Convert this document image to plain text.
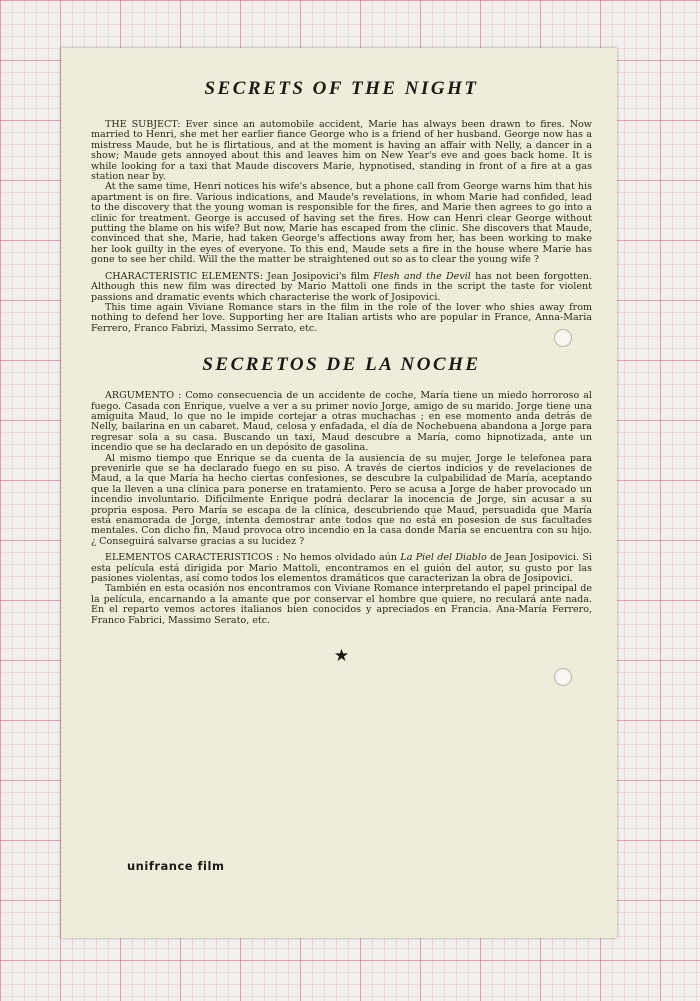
SECRETS OF THE NIGHT

THE SUBJECT: Ever since an automobile accident, Marie has always been drawn to fires. Now married to Henri, she met her earlier fiance George who is a friend of her husband. George now has a mistress Maude, but he is flirtatious, and at the moment is having an affair with Nelly, a dancer in a show; Maude gets annoyed about this and leaves him on New Year's eve and goes back home. It is while looking for a taxi that Maude discovers Marie, hypnotised, standing in front of a fire at a gas station near by.

At the same time, Henri notices his wife's absence, but a phone call from George warns him that his apartment is on fire. Various indications, and Maude's revelations, in whom Marie had confided, lead to the discovery that the young woman is responsible for the fires, and Marie then agrees to go into a clinic for treatment. George is accused of having set the fires. How can Henri clear George without putting the blame on his wife? But now, Marie has escaped from the clinic. She discovers that Maude, convinced that she, Marie, had taken George's affections away from her, has been working to make her look guilty in the eyes of everyone. To this end, Maude sets a fire in the house where Marie has gone to see her child. Will the the matter be straightened out so as to clear the young wife ?

CHARACTERISTIC ELEMENTS: Jean Josipovici's film Flesh and the Devil has not been forgotten. Although this new film was directed by Mario Mattoli one finds in the script the taste for violent passions and dramatic events which characterise the work of Josipovici.

This time again Viviane Romance stars in the film in the role of the lover who shies away from nothing to defend her love. Supporting her are Italian artists who are popular in France, Anna-Maria Ferrero, Franco Fabrizi, Massimo Serrato, etc.

SECRETOS DE LA NOCHE

ARGUMENTO : Como consecuencia de un accidente de coche, María tiene un miedo horroroso al fuego. Casada con Enrique, vuelve a ver a su primer novio Jorge, amigo de su marido. Jorge tiene una amiguita Maud, lo que no le impide cortejar a otras muchachas ; en ese momento anda detrás de Nelly, bailarina en un cabaret. Maud, celosa y enfadada, el día de Nochebuena abandona a Jorge para regresar sola a su casa. Buscando un taxi, Maud descubre a María, como hipnotizada, ante un incendio que se ha declarado en un depósito de gasolina.

Al mismo tiempo que Enrique se da cuenta de la ausiencia de su mujer, Jorge le telefonea para prevenirle que se ha declarado fuego en su piso. A través de ciertos indicios y de revelaciones de Maud, a la que María ha hecho ciertas confesiones, se descubre la culpabilidad de María, aceptando que la lleven a una clínica para ponerse en tratamiento. Pero se acusa a Jorge de haber provocado un incendio involuntario. Difícilmente Enrique podrá declarar la inocencia de Jorge, sin acusar a su propria esposa. Pero María se escapa de la clínica, descubriendo que Maud, persuadida que María está enamorada de Jorge, intenta demostrar ante todos que no está en posesion de sus facultades mentales. Con dicho fin, Maud provoca otro incendio en la casa donde María se encuentra con su hijo. ¿ Conseguirá salvarse gracias a su lucidez ?

ELEMENTOS CARACTERISTICOS : No hemos olvidado aún La Piel del Diablo de Jean Josipovici. Si esta película está dirigida por Mario Mattoli, encontramos en el guión del autor, su gusto por las pasiones violentas, así como todos los elementos dramáticos que caracterizan la obra de Josipovici.

También en esta ocasión nos encontramos con Viviane Romance interpretando el papel principal de la película, encarnando a la amante que por conservar el hombre que quiere, no reculará ante nada. En el reparto vemos actores italianos bien conocidos y apreciados en Francia. Ana-María Ferrero, Franco Fabrici, Massimo Serato, etc.

★
unifrance film
